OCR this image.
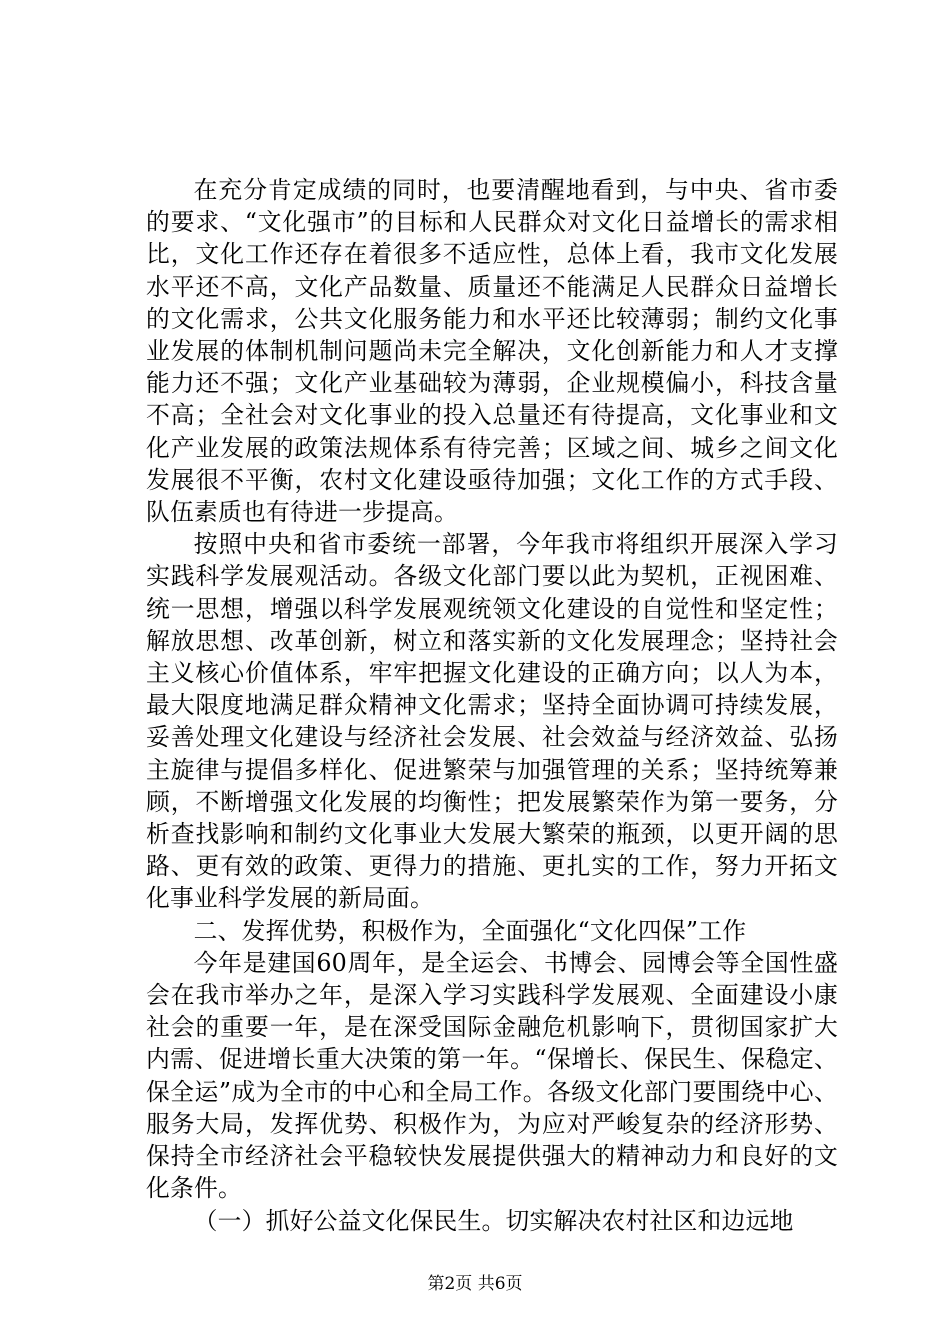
在充分肯定成绩的同时，也要清醒地看到，与中央、省市委的要求、“文化强市”的目标和人民群众对文化日益增长的需求相比，文化工作还存在着很多不适应性，总体上看，我市文化发展水平还不高，文化产品数量、质量还不能满足人民群众日益增长的文化需求，公共文化服务能力和水平还比较薄弱；制约文化事业发展的体制机制问题尚未完全解决，文化创新能力和人才支撑能力还不强；文化产业基础较为薄弱，企业规模偏小，科技含量不高；全社会对文化事业的投入总量还有待提高，文化事业和文化产业发展的政策法规体系有待完善；区域之间、城乡之间文化发展很不平衡，农村文化建设亟待加强；文化工作的方式手段、队伍素质也有待进一步提高。

按照中央和省市委统一部署，今年我市将组织开展深入学习实践科学发展观活动。各级文化部门要以此为契机，正视困难、统一思想，增强以科学发展观统领文化建设的自觉性和坚定性；解放思想、改革创新，树立和落实新的文化发展理念；坚持社会主义核心价值体系，牢牢把握文化建设的正确方向；以人为本，最大限度地满足群众精神文化需求；坚持全面协调可持续发展，妥善处理文化建设与经济社会发展、社会效益与经济效益、弘扬主旋律与提倡多样化、促进繁荣与加强管理的关系；坚持统筹兼顾，不断增强文化发展的均衡性；把发展繁荣作为第一要务，分析查找影响和制约文化事业大发展大繁荣的瓶颈，以更开阔的思路、更有效的政策、更得力的措施、更扎实的工作，努力开拓文化事业科学发展的新局面。

二、发挥优势，积极作为，全面强化“文化四保”工作

今年是建国60周年，是全运会、书博会、园博会等全国性盛会在我市举办之年，是深入学习实践科学发展观、全面建设小康社会的重要一年，是在深受国际金融危机影响下，贯彻国家扩大内需、促进增长重大决策的第一年。“保增长、保民生、保稳定、保全运”成为全市的中心和全局工作。各级文化部门要围绕中心、服务大局，发挥优势、积极作为，为应对严峻复杂的经济形势、保持全市经济社会平稳较快发展提供强大的精神动力和良好的文化条件。

（一）抓好公益文化保民生。切实解决农村社区和边远地

第2页 共6页
